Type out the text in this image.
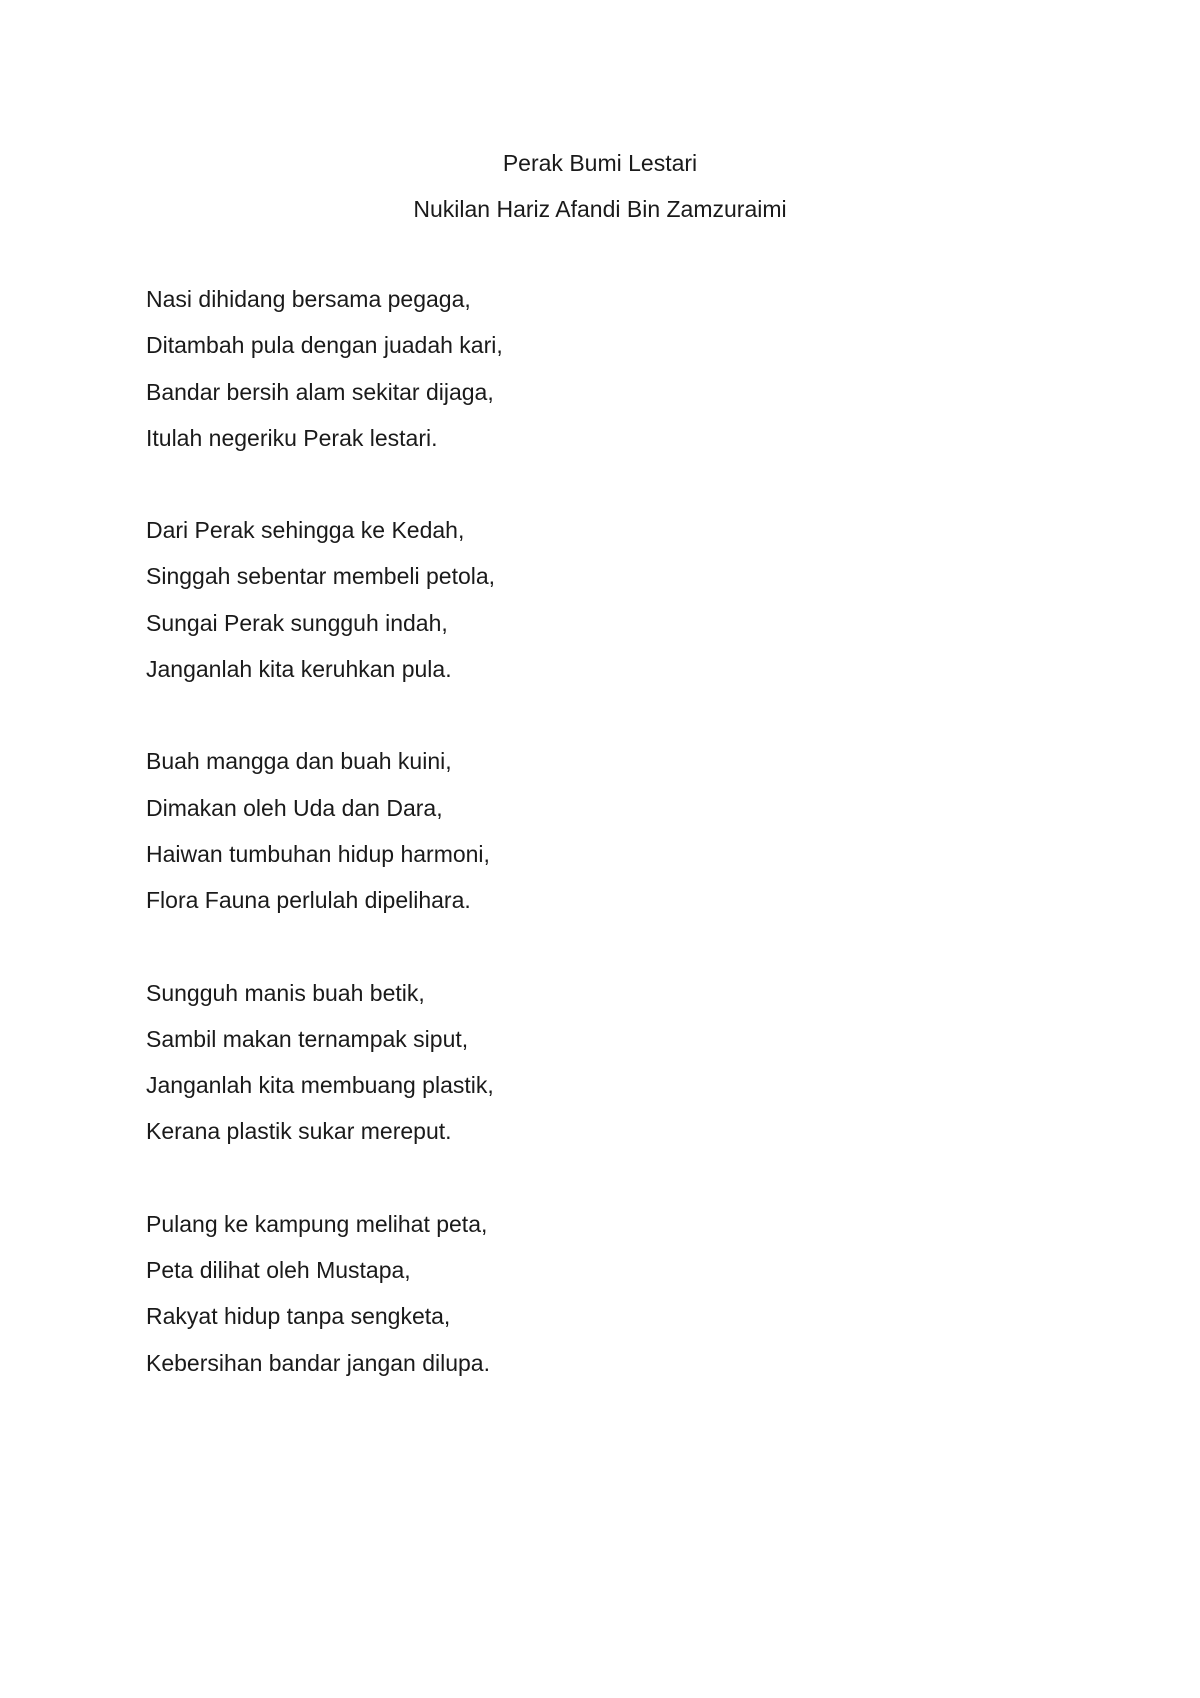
Perak Bumi Lestari
Nukilan Hariz Afandi Bin Zamzuraimi
Nasi dihidang bersama pegaga,
Ditambah pula dengan juadah kari,
Bandar bersih alam sekitar dijaga,
Itulah negeriku Perak lestari.
Dari Perak sehingga ke Kedah,
Singgah sebentar membeli petola,
Sungai Perak sungguh indah,
Janganlah kita keruhkan pula.
Buah mangga dan buah kuini,
Dimakan oleh Uda dan Dara,
Haiwan tumbuhan hidup harmoni,
Flora Fauna perlulah dipelihara.
Sungguh manis buah betik,
Sambil makan ternampak siput,
Janganlah kita membuang plastik,
Kerana plastik sukar mereput.
Pulang ke kampung melihat peta,
Peta dilihat oleh Mustapa,
Rakyat hidup tanpa sengketa,
Kebersihan bandar jangan dilupa.
